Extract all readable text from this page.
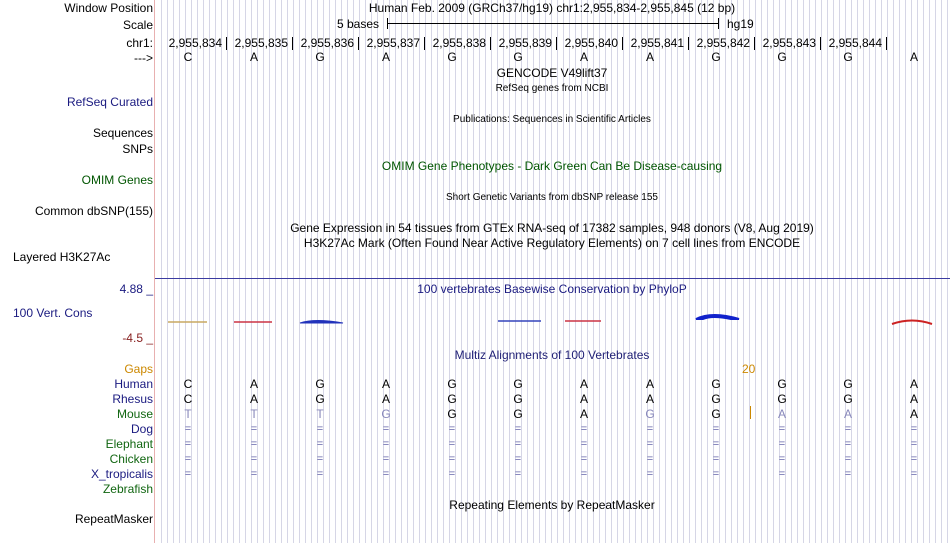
Window Position
Scale
chr1:
--->
Human Feb. 2009 (GRCh37/hg19) chr1:2,955,834-2,955,845 (12 bp)
5 bases	hg19
2,955,834	2,955,835	2,955,836	2,955,837	2,955,838	2,955,839	2,955,840	2,955,841	2,955,842	2,955,843	2,955,844
C	A	G	A	G	G	A	A	G	G	G	A
GENCODE V49lift37
RefSeq genes from NCBI
RefSeq Curated
Publications: Sequences in Scientific Articles
Sequences
SNPs
OMIM Gene Phenotypes - Dark Green Can Be Disease-causing
OMIM Genes
Short Genetic Variants from dbSNP release 155
Common dbSNP(155)
Gene Expression in 54 tissues from GTEx RNA-seq of 17382 samples, 948 donors (V8, Aug 2019)
H3K27Ac Mark (Often Found Near Active Regulatory Elements) on 7 cell lines from ENCODE
Layered H3K27Ac
4.88 _	100 vertebrates Basewise Conservation by PhyloP
100 Vert. Cons
-4.5 _
Multiz Alignments of 100 Vertebrates
Gaps	20
Human	C	A	G	A	G	G	A	A	G	G	G	A
Rhesus	C	A	G	A	G	G	A	A	G	G	G	A
Mouse	T	T	T	G	G	G	A	G	G	A	A	A
Dog	=	=	=	=	=	=	=	=	=	=	=	=
Elephant	=	=	=	=	=	=	=	=	=	=	=	=
Chicken	=	=	=	=	=	=	=	=	=	=	=	=
X_tropicalis	=	=	=	=	=	=	=	=	=	=	=	=
Zebrafish
Repeating Elements by RepeatMasker
RepeatMasker
